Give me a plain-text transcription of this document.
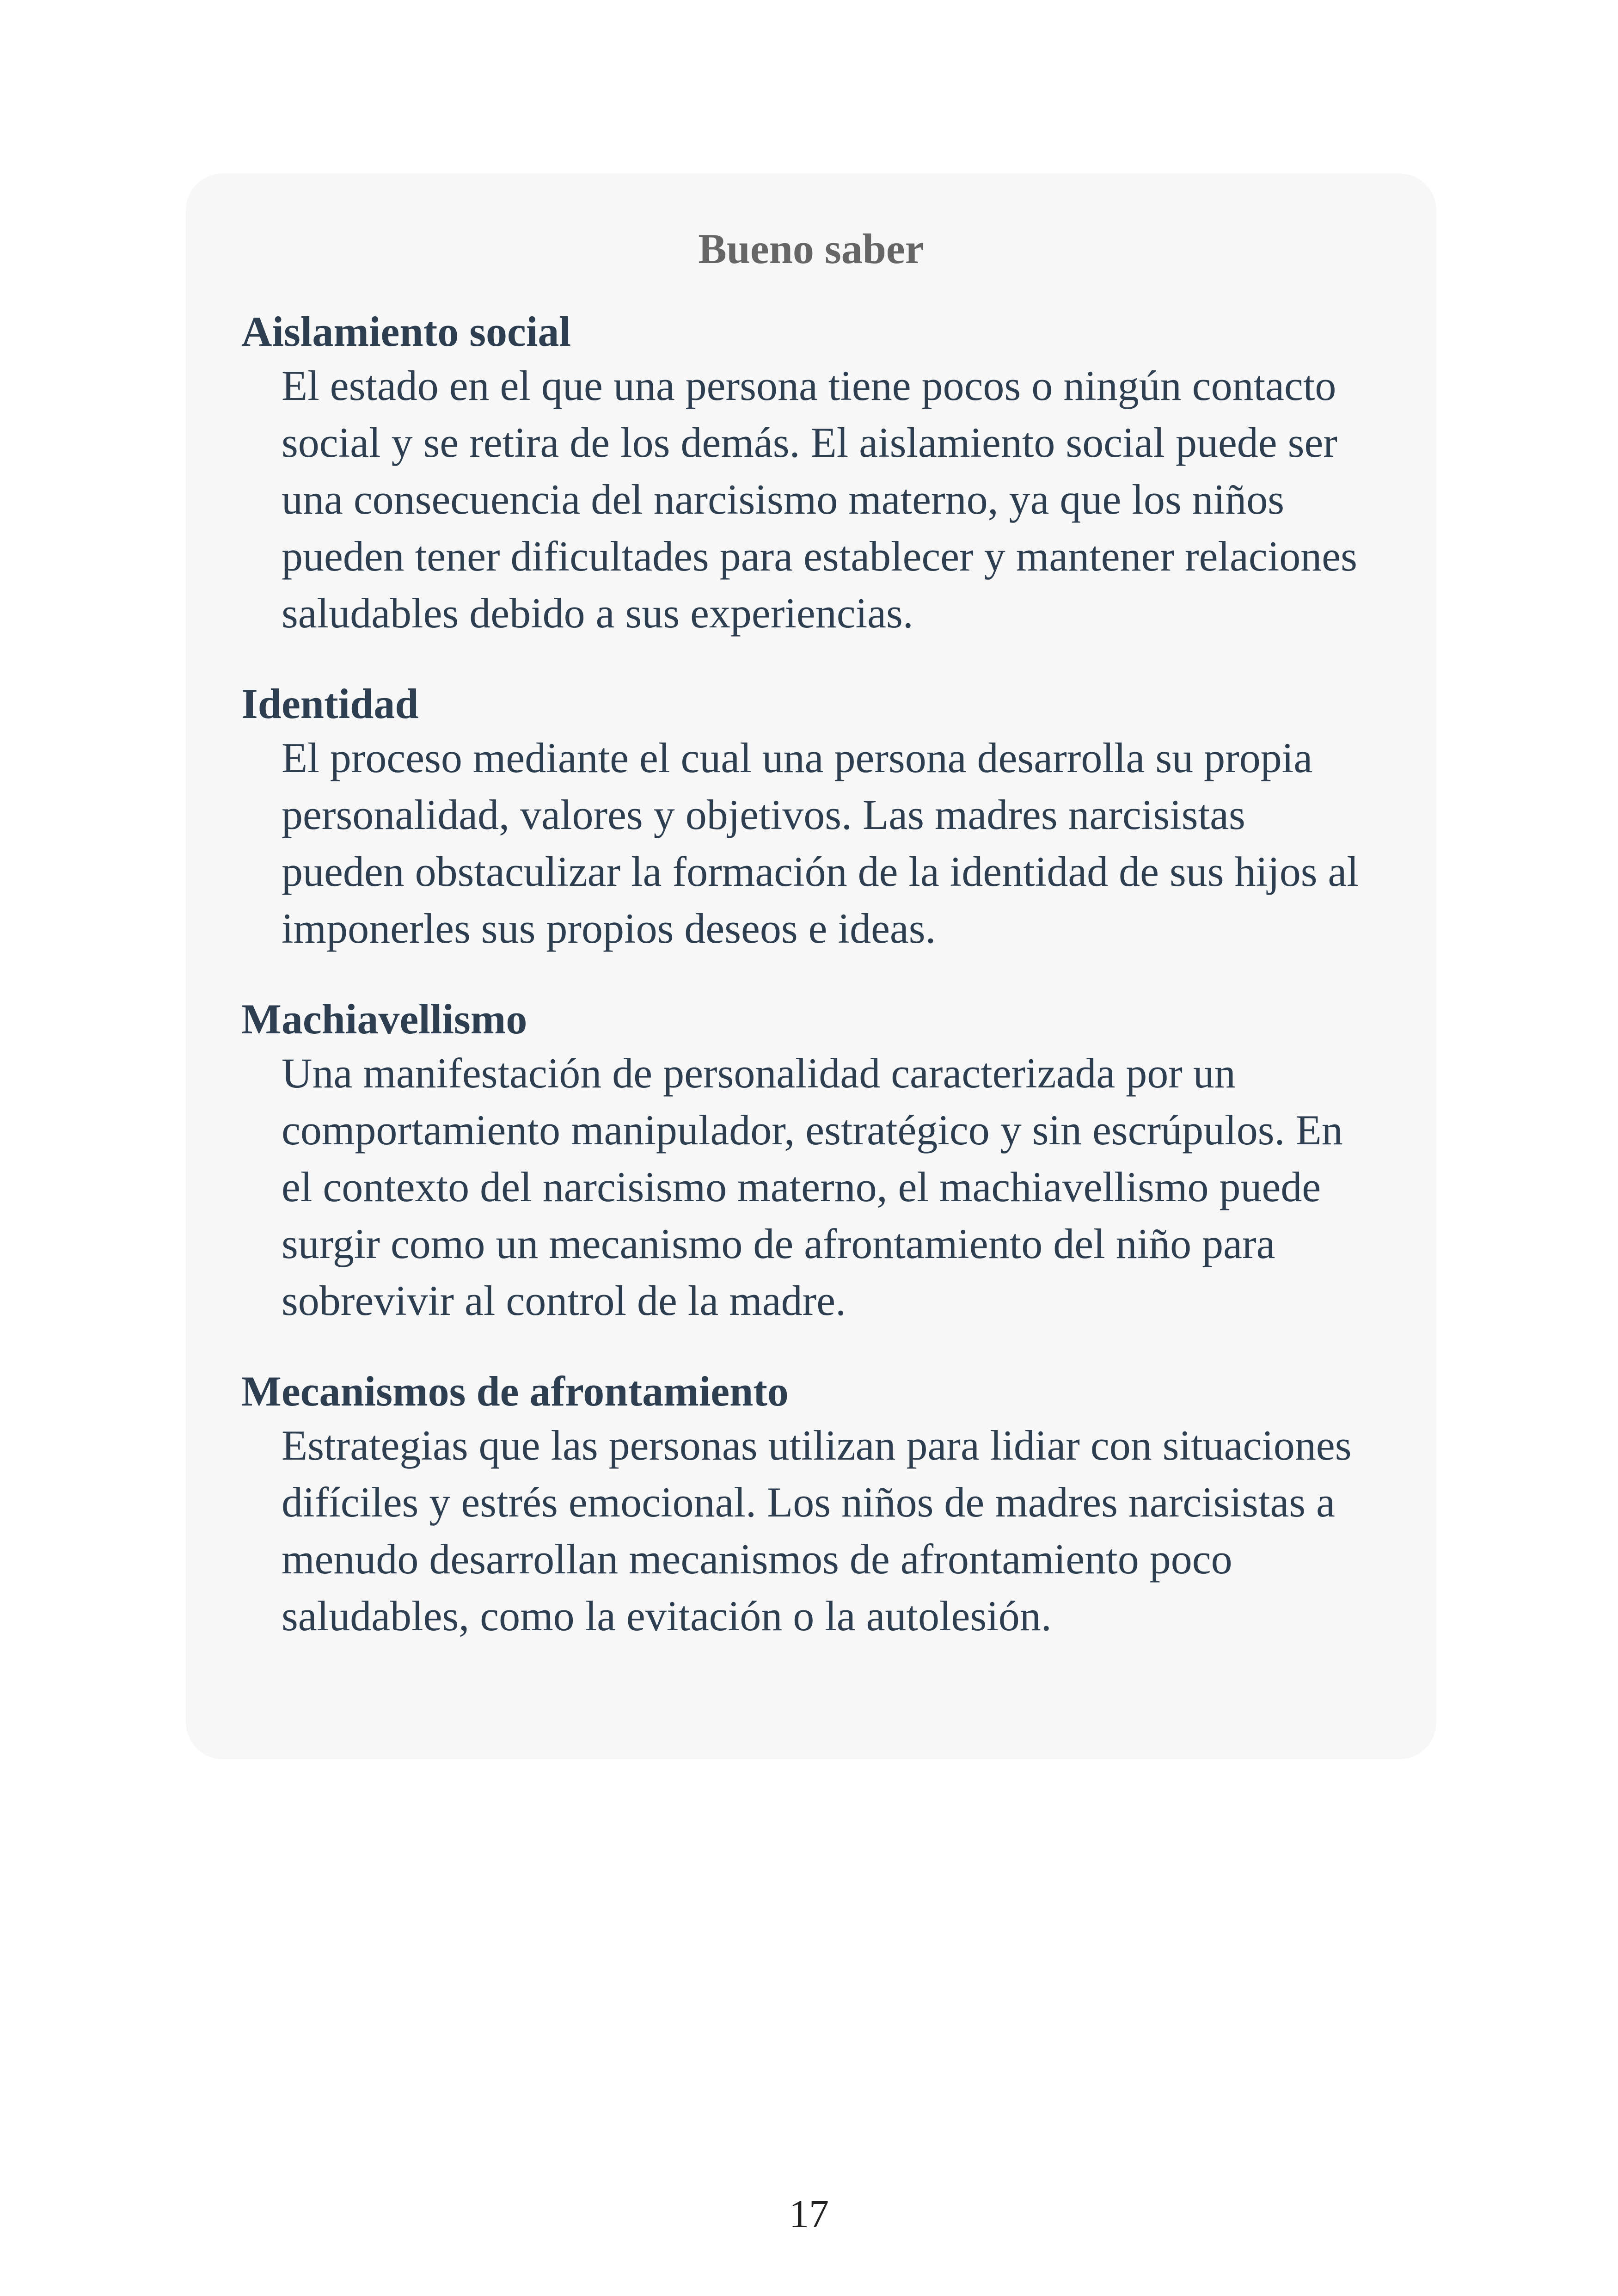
Bueno saber

Aislamiento social

El estado en el que una persona tiene pocos o ningún contacto
social y se retira de los demás. El aislamiento social puede ser
una consecuencia del narcisismo materno, ya que los niños
pueden tener dificultades para establecer y mantener relaciones
saludables debido a sus experiencias.

Identidad

El proceso mediante el cual una persona desarrolla su propia
personalidad, valores y objetivos. Las madres narcisistas
pueden obstaculizar la formación de la identidad de sus hijos al
imponerles sus propios deseos e ideas.

Machiavellismo

Una manifestación de personalidad caracterizada por un
comportamiento manipulador, estratégico y sin escrúpulos. En
el contexto del narcisismo materno, el machiavellismo puede
surgir como un mecanismo de afrontamiento del niño para
sobrevivir al control de la madre.

Mecanismos de afrontamiento

Estrategias que las personas utilizan para lidiar con situaciones
difíciles y estrés emocional. Los niños de madres narcisistas a
menudo desarrollan mecanismos de afrontamiento poco
saludables, como la evitación o la autolesión.

17
